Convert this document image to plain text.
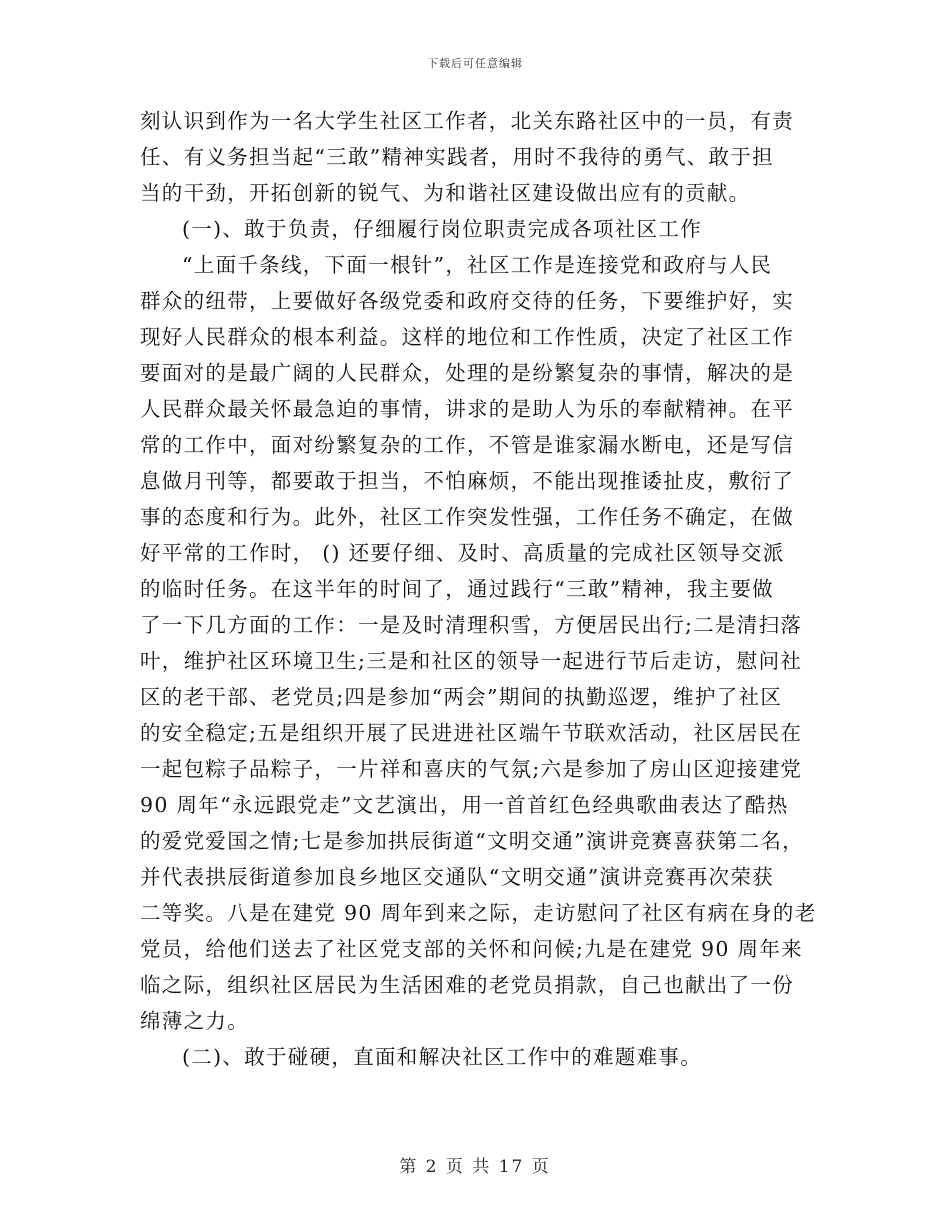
下载后可任意编辑
刻认识到作为一名大学生社区工作者，北关东路社区中的一员，有责
任、有义务担当起“三敢”精神实践者，用时不我待的勇气、敢于担
当的干劲，开拓创新的锐气、为和谐社区建设做出应有的贡献。
(一)、敢于负责，仔细履行岗位职责完成各项社区工作
“上面千条线，下面一根针”，社区工作是连接党和政府与人民
群众的纽带，上要做好各级党委和政府交待的任务，下要维护好，实
现好人民群众的根本利益。这样的地位和工作性质，决定了社区工作
要面对的是最广阔的人民群众，处理的是纷繁复杂的事情，解决的是
人民群众最关怀最急迫的事情，讲求的是助人为乐的奉献精神。在平
常的工作中，面对纷繁复杂的工作，不管是谁家漏水断电，还是写信
息做月刊等，都要敢于担当，不怕麻烦，不能出现推诿扯皮，敷衍了
事的态度和行为。此外，社区工作突发性强，工作任务不确定，在做
好平常的工作时， () 还要仔细、及时、高质量的完成社区领导交派
的临时任务。在这半年的时间了，通过践行“三敢”精神，我主要做
了一下几方面的工作：一是及时清理积雪，方便居民出行;二是清扫落
叶，维护社区环境卫生;三是和社区的领导一起进行节后走访，慰问社
区的老干部、老党员;四是参加“两会”期间的执勤巡逻，维护了社区
的安全稳定;五是组织开展了民进进社区端午节联欢活动，社区居民在
一起包粽子品粽子，一片祥和喜庆的气氛;六是参加了房山区迎接建党
90 周年“永远跟党走”文艺演出，用一首首红色经典歌曲表达了酷热
的爱党爱国之情;七是参加拱辰街道“文明交通”演讲竞赛喜获第二名，
并代表拱辰街道参加良乡地区交通队“文明交通”演讲竞赛再次荣获
二等奖。八是在建党 90 周年到来之际，走访慰问了社区有病在身的老
党员，给他们送去了社区党支部的关怀和问候;九是在建党 90 周年来
临之际，组织社区居民为生活困难的老党员捐款，自己也献出了一份
绵薄之力。
(二)、敢于碰硬，直面和解决社区工作中的难题难事。
第 2 页 共 17 页
